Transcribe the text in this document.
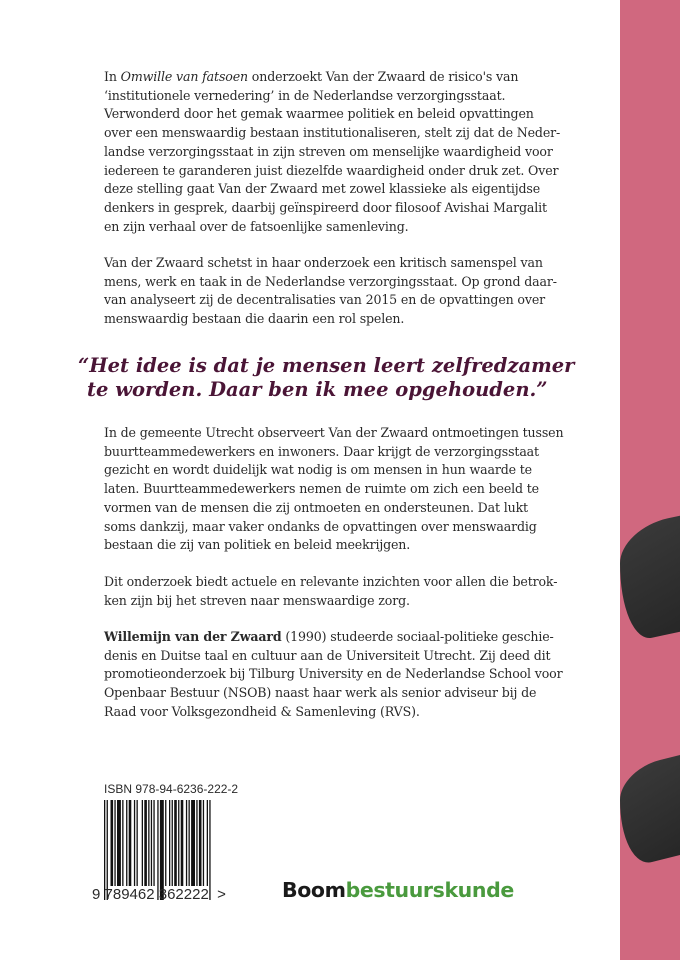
In Omwille van fatsoen onderzoekt Van der Zwaard de risico's van
‘institutionele vernedering’ in de Nederlandse verzorgingsstaat.
Verwonderd door het gemak waarmee politiek en beleid opvattingen
over een menswaardig bestaan institutionaliseren, stelt zij dat de Neder-
landse verzorgingsstaat in zijn streven om menselijke waardigheid voor
iedereen te garanderen juist diezelfde waardigheid onder druk zet. Over
deze stelling gaat Van der Zwaard met zowel klassieke als eigentijdse
denkers in gesprek, daarbij geïnspireerd door filosoof Avishai Margalit
en zijn verhaal over de fatsoenlijke samenleving.
Van der Zwaard schetst in haar onderzoek een kritisch samenspel van
mens, werk en taak in de Nederlandse verzorgingsstaat. Op grond daar-
van analyseert zij de decentralisaties van 2015 en de opvattingen over
menswaardig bestaan die daarin een rol spelen.
“Het idee is dat je mensen leert zelfredzamer
te worden. Daar ben ik mee opgehouden.”
In de gemeente Utrecht observeert Van der Zwaard ontmoetingen tussen
buurtteammedewerkers en inwoners. Daar krijgt de verzorgingsstaat
gezicht en wordt duidelijk wat nodig is om mensen in hun waarde te
laten. Buurtteammedewerkers nemen de ruimte om zich een beeld te
vormen van de mensen die zij ontmoeten en ondersteunen. Dat lukt
soms dankzij, maar vaker ondanks de opvattingen over menswaardig
bestaan die zij van politiek en beleid meekrijgen.
Dit onderzoek biedt actuele en relevante inzichten voor allen die betrok-
ken zijn bij het streven naar menswaardige zorg.
Willemijn van der Zwaard (1990) studeerde sociaal-politieke geschie-
denis en Duitse taal en cultuur aan de Universiteit Utrecht. Zij deed dit
promotieonderzoek bij Tilburg University en de Nederlandse School voor
Openbaar Bestuur (NSOB) naast haar werk als senior adviseur bij de
Raad voor Volksgezondheid & Samenleving (RVS).
ISBN 978-94-6236-222-2
9 789462 362222  >	Boombestuurskunde
